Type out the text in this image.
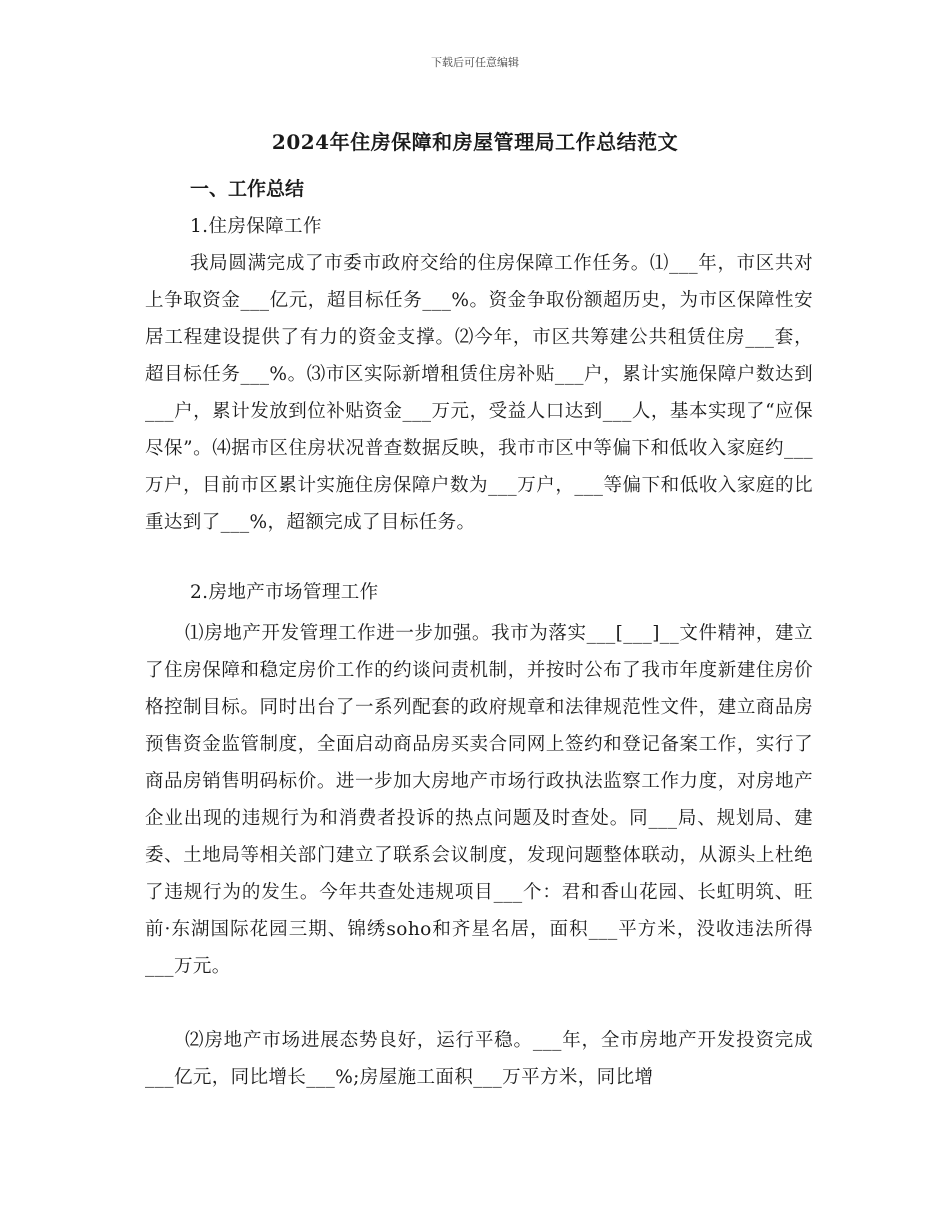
下载后可任意编辑
2024年住房保障和房屋管理局工作总结范文
一、工作总结
1.住房保障工作
我局圆满完成了市委市政府交给的住房保障工作任务。⑴___年，市区共对上争取资金___亿元，超目标任务___%。资金争取份额超历史，为市区保障性安居工程建设提供了有力的资金支撑。⑵今年，市区共筹建公共租赁住房___套，超目标任务___%。⑶市区实际新增租赁住房补贴___户，累计实施保障户数达到___户，累计发放到位补贴资金___万元，受益人口达到___人，基本实现了“应保尽保”。⑷据市区住房状况普查数据反映，我市市区中等偏下和低收入家庭约___万户，目前市区累计实施住房保障户数为___万户，___等偏下和低收入家庭的比重达到了___%，超额完成了目标任务。
2.房地产市场管理工作
⑴房地产开发管理工作进一步加强。我市为落实___[___]__文件精神，建立了住房保障和稳定房价工作的约谈问责机制，并按时公布了我市年度新建住房价格控制目标。同时出台了一系列配套的政府规章和法律规范性文件，建立商品房预售资金监管制度，全面启动商品房买卖合同网上签约和登记备案工作，实行了商品房销售明码标价。进一步加大房地产市场行政执法监察工作力度，对房地产企业出现的违规行为和消费者投诉的热点问题及时查处。同___局、规划局、建委、土地局等相关部门建立了联系会议制度，发现问题整体联动，从源头上杜绝了违规行为的发生。今年共查处违规项目___个：君和香山花园、长虹明筑、旺前·东湖国际花园三期、锦绣soho和齐星名居，面积___平方米，没收违法所得___万元。
⑵房地产市场进展态势良好，运行平稳。___年，全市房地产开发投资完成___亿元，同比增长___%;房屋施工面积___万平方米，同比增
